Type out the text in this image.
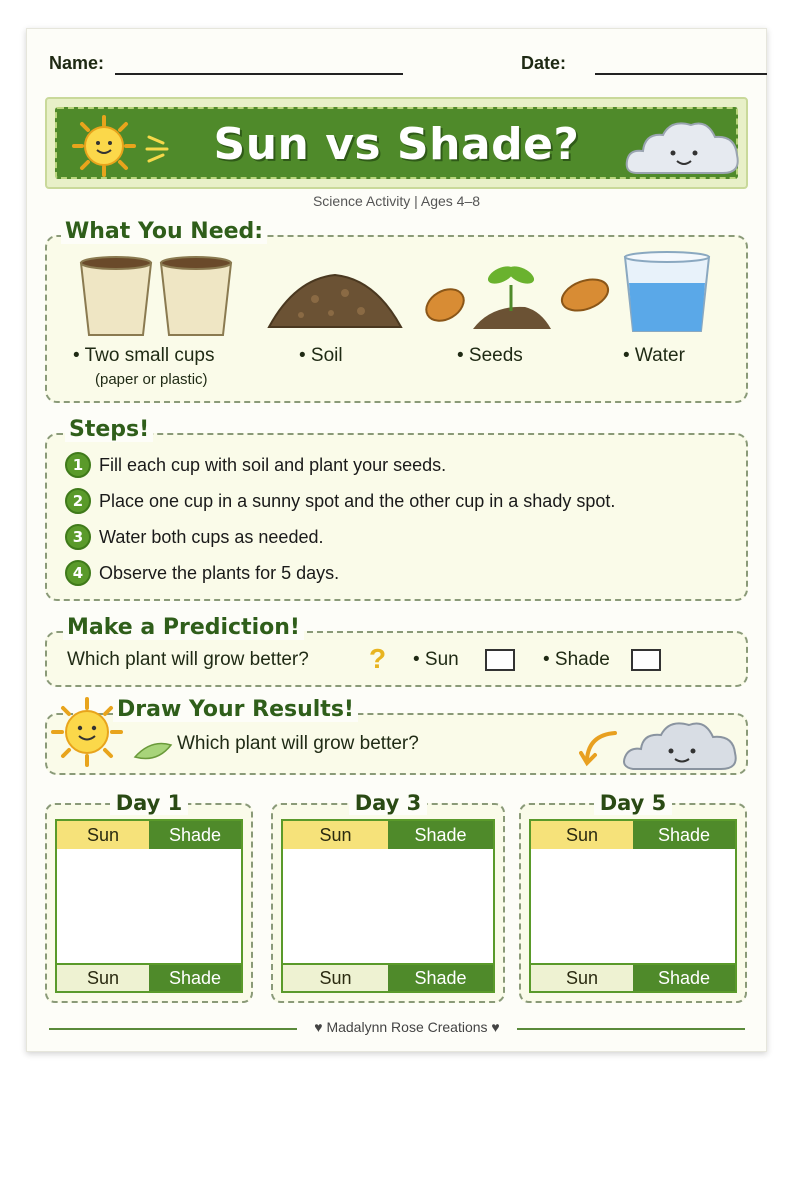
Name:	Date:
Sun vs Shade?
Science Activity | Ages 4–8
What You Need:
• Two small cups
(paper or plastic)
• Soil	• Seeds	• Water
Steps!
1 Fill each cup with soil and plant your seeds.
2 Place one cup in a sunny spot and the other cup in a shady spot.
3 Water both cups as needed.
4 Observe the plants for 5 days.
Make a Prediction!
Which plant will grow better? ? • Sun	• Shade
Draw Your Results!
Which plant will grow better?
Day 1
Sun	Shade
Sun	Shade
Day 3
Sun	Shade
Sun	Shade
Day 5
Sun	Shade
Sun	Shade
♥ Madalynn Rose Creations ♥
